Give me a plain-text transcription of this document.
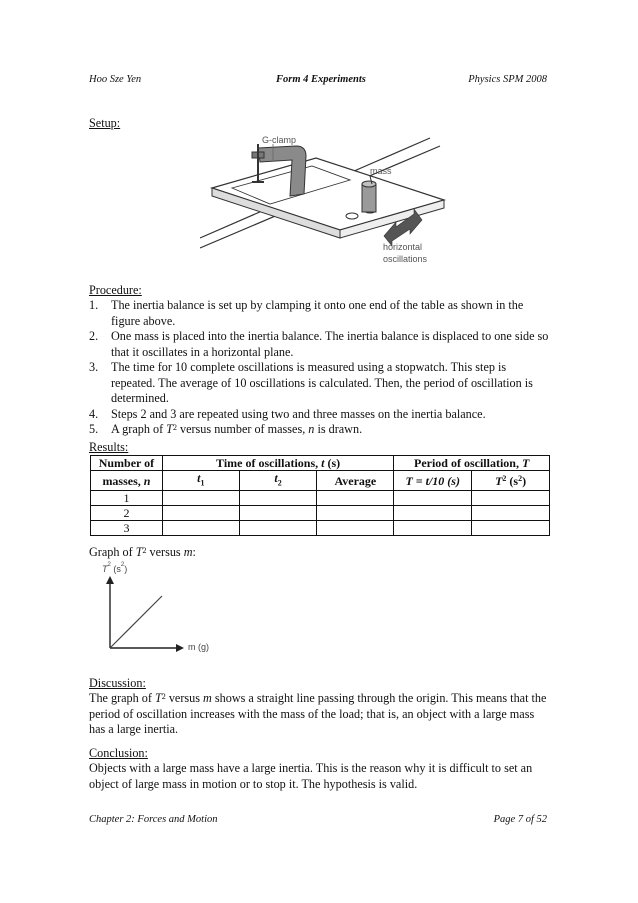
Hoo Sze Yen	Form 4 Experiments	Physics SPM 2008
Setup:
G-clamp
mass
horizontal
oscillations
Procedure:
1. The inertia balance is set up by clamping it onto one end of the table as shown in the figure above.
2. One mass is placed into the inertia balance. The inertia balance is displaced to one side so that it oscillates in a horizontal plane.
3. The time for 10 complete oscillations is measured using a stopwatch. This step is repeated. The average of 10 oscillations is calculated. Then, the period of oscillation is determined.
4. Steps 2 and 3 are repeated using two and three masses on the inertia balance.
5. A graph of $T^2$ versus number of masses, n is drawn.
Results:
Number of	Time of oscillations, t (s)			Period of oscillation, T	
masses, n	$t_1$	$t_2$	Average	T = t/10 (s)	$T^2$ $(s^2)$
1					
2					
3					
Graph of $T^2$ versus m:
$T^2$ $(s^2)$
m (g)
Discussion:
The graph of $T^2$ versus m shows a straight line passing through the origin. This means that the period of oscillation increases with the mass of the load; that is, an object with a large mass has a large inertia.
Conclusion:
Objects with a large mass have a large inertia. This is the reason why it is difficult to set an object of large mass in motion or to stop it. The hypothesis is valid.
Chapter 2: Forces and Motion	Page 7 of 52
